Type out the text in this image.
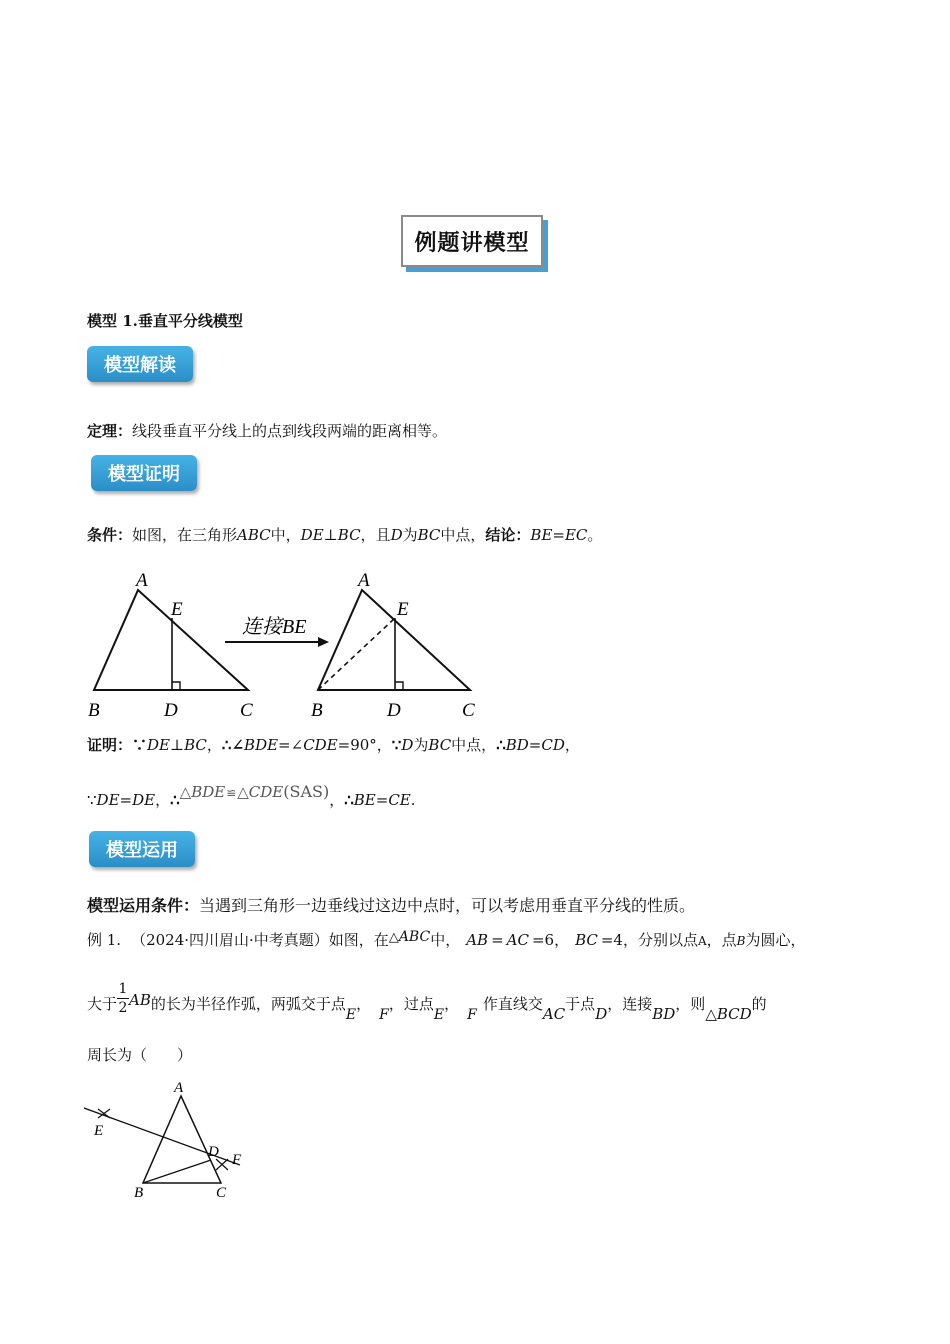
例题讲模型
模型 1.垂直平分线模型
模型解读
定理：线段垂直平分线上的点到线段两端的距离相等。
模型证明
条件：如图，在三角形ABC中，DE⊥BC，且D为BC中点，结论：BE=EC。
A
E
B	D	C
连接BE
A
E
B	D	C
证明：∵DE⊥BC，∴∠BDE=∠CDE=90°，∵D为BC中点，∴BD=CD，
∵DE=DE，∴△BDE≌△CDE(SAS)，∴BE=CE.
模型运用
模型运用条件：当遇到三角形一边垂线过这边中点时，可以考虑用垂直平分线的性质。
例 1. （2024·四川眉山·中考真题）如图，在△ABC中， AB = AC =6， BC =4，分别以点A，点B为圆心，
大于 $\frac{1}{2}$ AB的长为半径作弧，两弧交于点E，F，过点E，F作直线交AC于点D，连接BD，则△BCD的
周长为（　　）
A
E
D F
B	C
